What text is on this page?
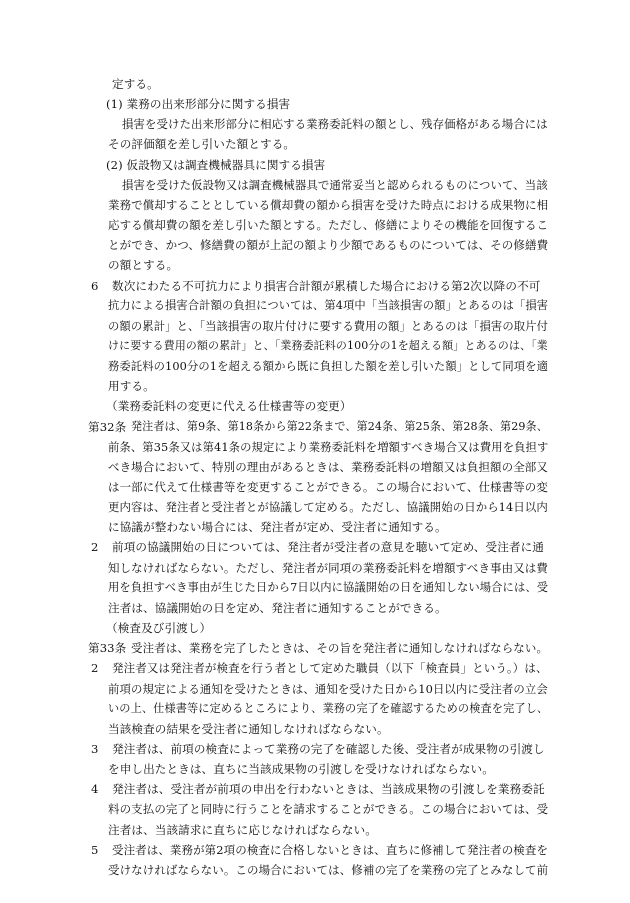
定する。
(1) 業務の出来形部分に関する損害
損害を受けた出来形部分に相応する業務委託料の額とし、残存価格がある場合には
その評価額を差し引いた額とする。
(2) 仮設物又は調査機械器具に関する損害
損害を受けた仮設物又は調査機械器具で通常妥当と認められるものについて、当該
業務で償却することとしている償却費の額から損害を受けた時点における成果物に相
応する償却費の額を差し引いた額とする。ただし、修繕によりその機能を回復するこ
とができ、かつ、修繕費の額が上記の額より少額であるものについては、その修繕費
の額とする。
6 数次にわたる不可抗力により損害合計額が累積した場合における第2次以降の不可
抗力による損害合計額の負担については、第4項中「当該損害の額」とあるのは「損害
の額の累計」と、「当該損害の取片付けに要する費用の額」とあるのは「損害の取片付
けに要する費用の額の累計」と、「業務委託料の100分の1を超える額」とあるのは、「業
務委託料の100分の1を超える額から既に負担した額を差し引いた額」として同項を適
用する。
（業務委託料の変更に代える仕様書等の変更）
第32条 発注者は、第9条、第18条から第22条まで、第24条、第25条、第28条、第29条、
前条、第35条又は第41条の規定により業務委託料を増額すべき場合又は費用を負担す
べき場合において、特別の理由があるときは、業務委託料の増額又は負担額の全部又
は一部に代えて仕様書等を変更することができる。この場合において、仕様書等の変
更内容は、発注者と受注者とが協議して定める。ただし、協議開始の日から14日以内
に協議が整わない場合には、発注者が定め、受注者に通知する。
2 前項の協議開始の日については、発注者が受注者の意見を聴いて定め、受注者に通
知しなければならない。ただし、発注者が同項の業務委託料を増額すべき事由又は費
用を負担すべき事由が生じた日から7日以内に協議開始の日を通知しない場合には、受
注者は、協議開始の日を定め、発注者に通知することができる。
（検査及び引渡し）
第33条 受注者は、業務を完了したときは、その旨を発注者に通知しなければならない。
2 発注者又は発注者が検査を行う者として定めた職員（以下「検査員」という。）は、
前項の規定による通知を受けたときは、通知を受けた日から10日以内に受注者の立会
いの上、仕様書等に定めるところにより、業務の完了を確認するための検査を完了し、
当該検査の結果を受注者に通知しなければならない。
3 発注者は、前項の検査によって業務の完了を確認した後、受注者が成果物の引渡し
を申し出たときは、直ちに当該成果物の引渡しを受けなければならない。
4 発注者は、受注者が前項の申出を行わないときは、当該成果物の引渡しを業務委託
料の支払の完了と同時に行うことを請求することができる。この場合においては、受
注者は、当該請求に直ちに応じなければならない。
5 受注者は、業務が第2項の検査に合格しないときは、直ちに修補して発注者の検査を
受けなければならない。この場合においては、修補の完了を業務の完了とみなして前
